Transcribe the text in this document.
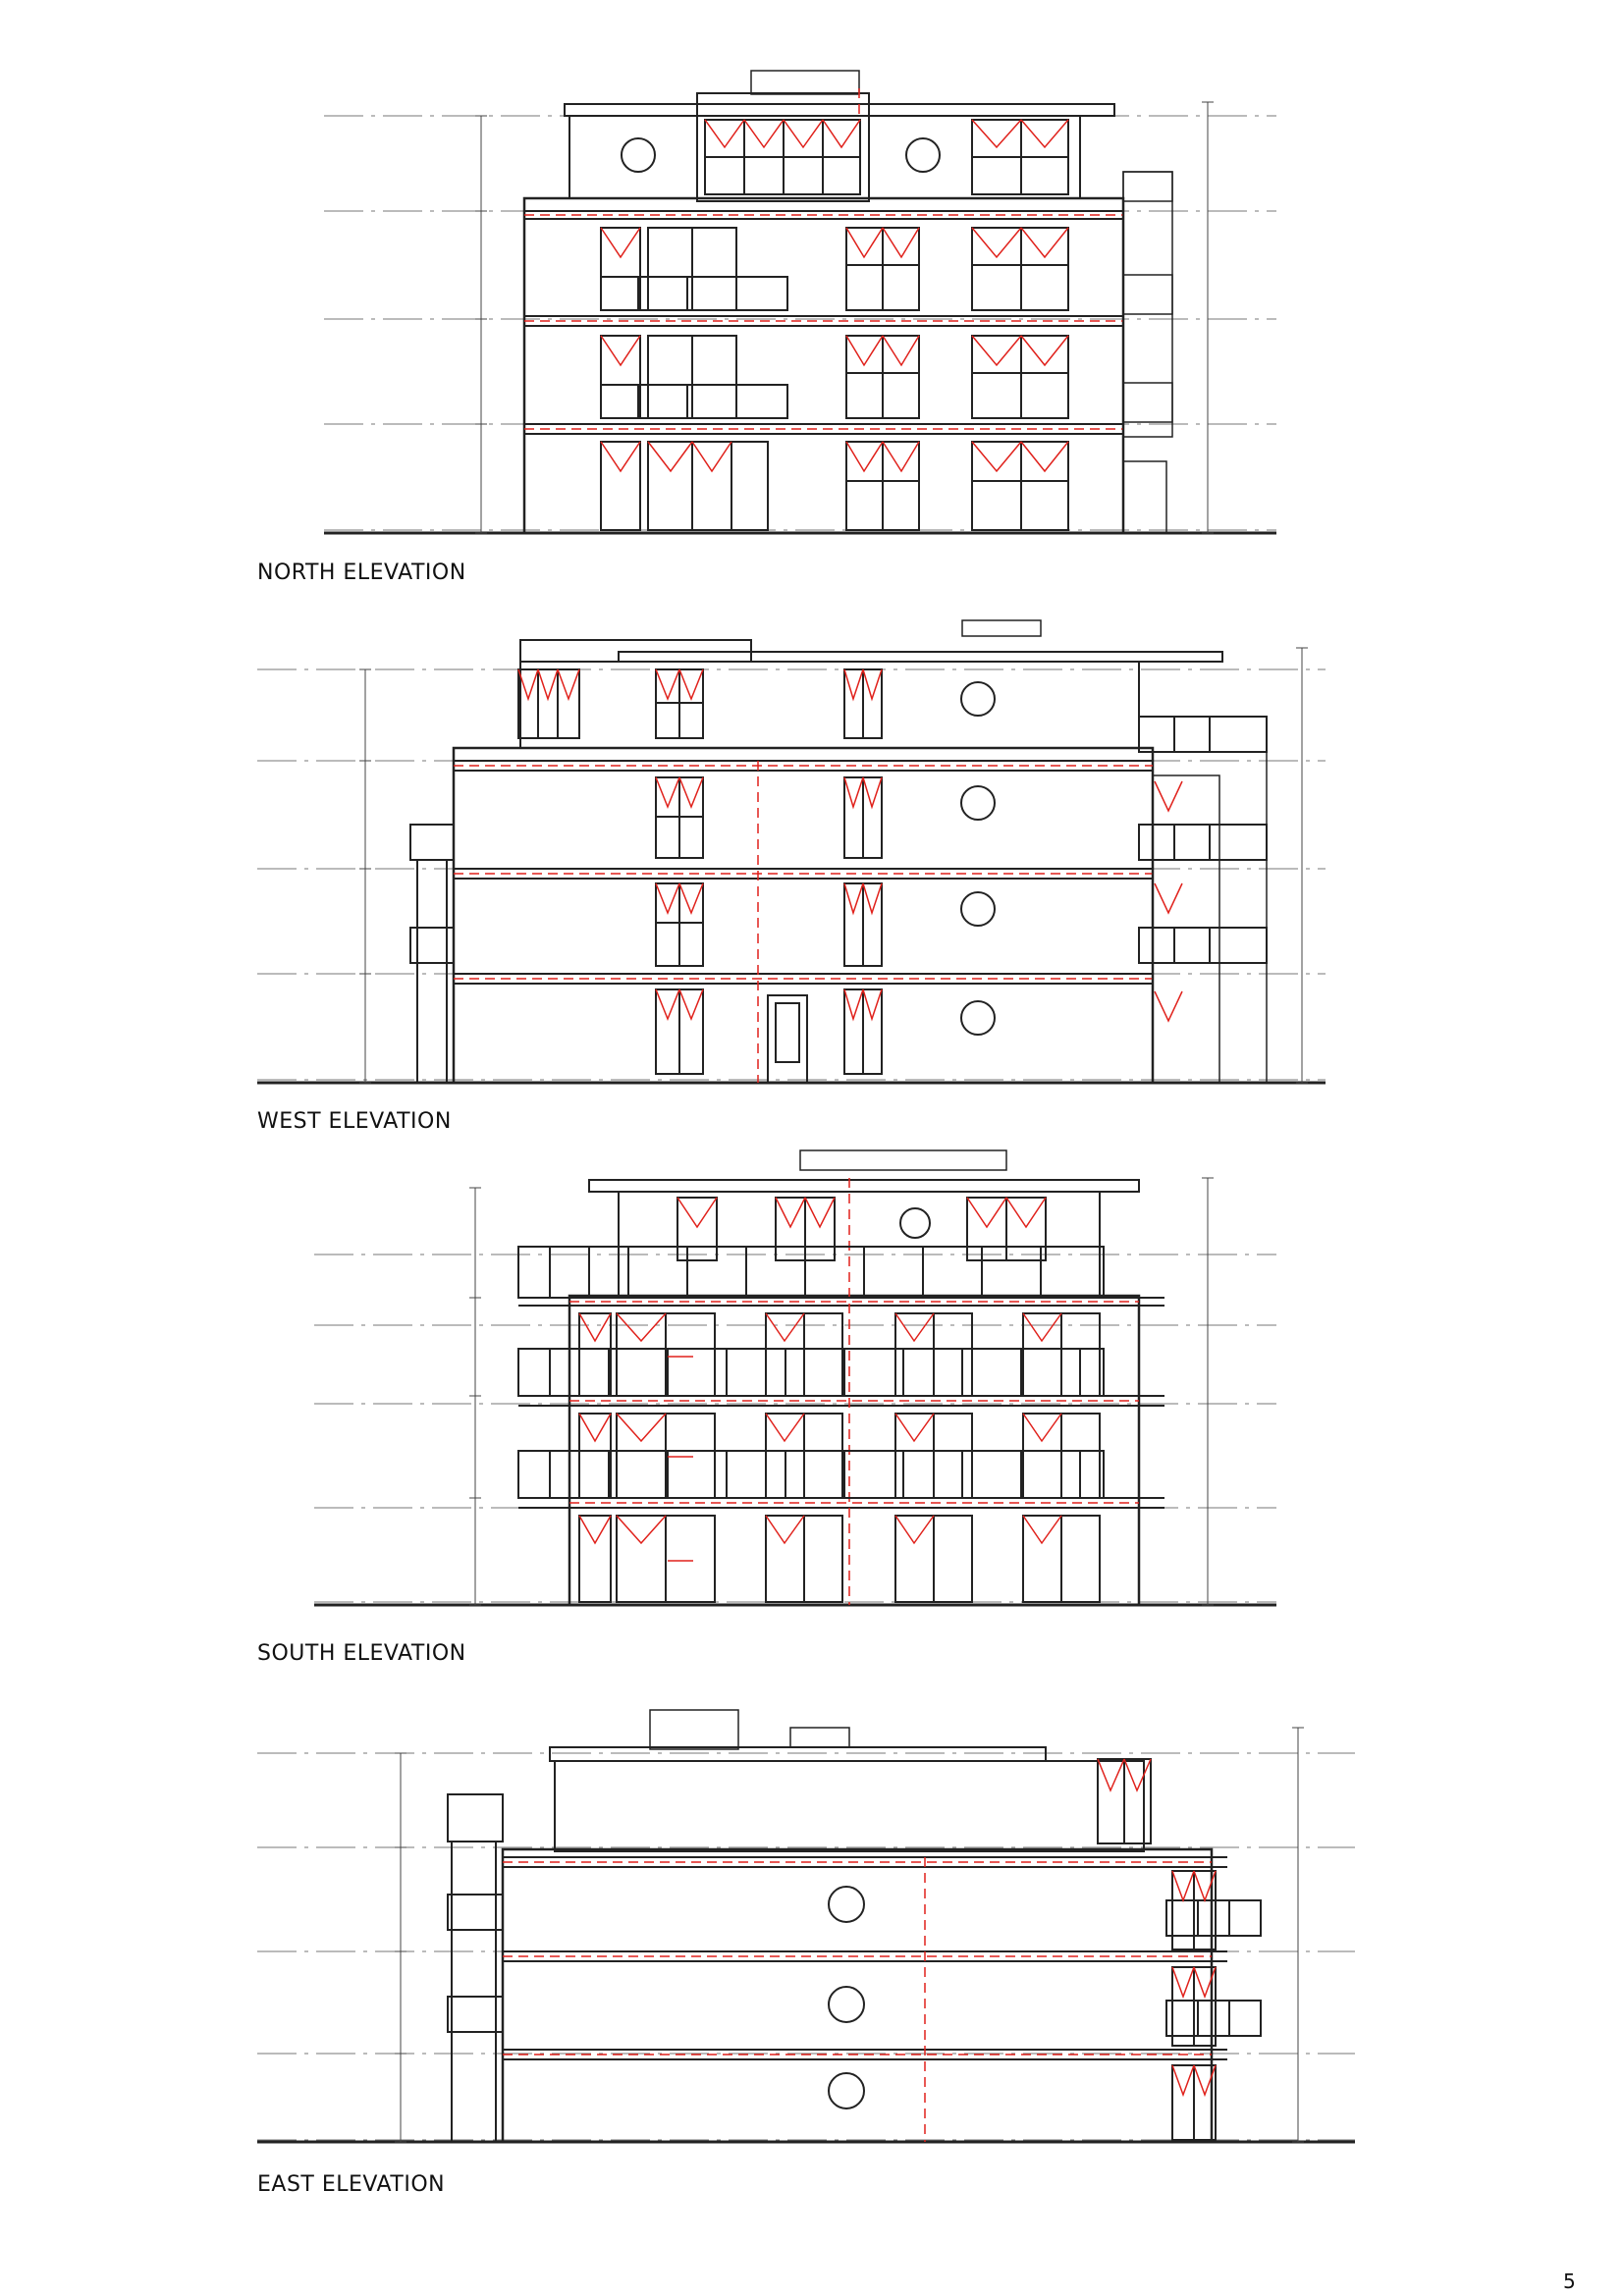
NORTH ELEVATION
WEST ELEVATION
SOUTH ELEVATION
EAST ELEVATION
5
